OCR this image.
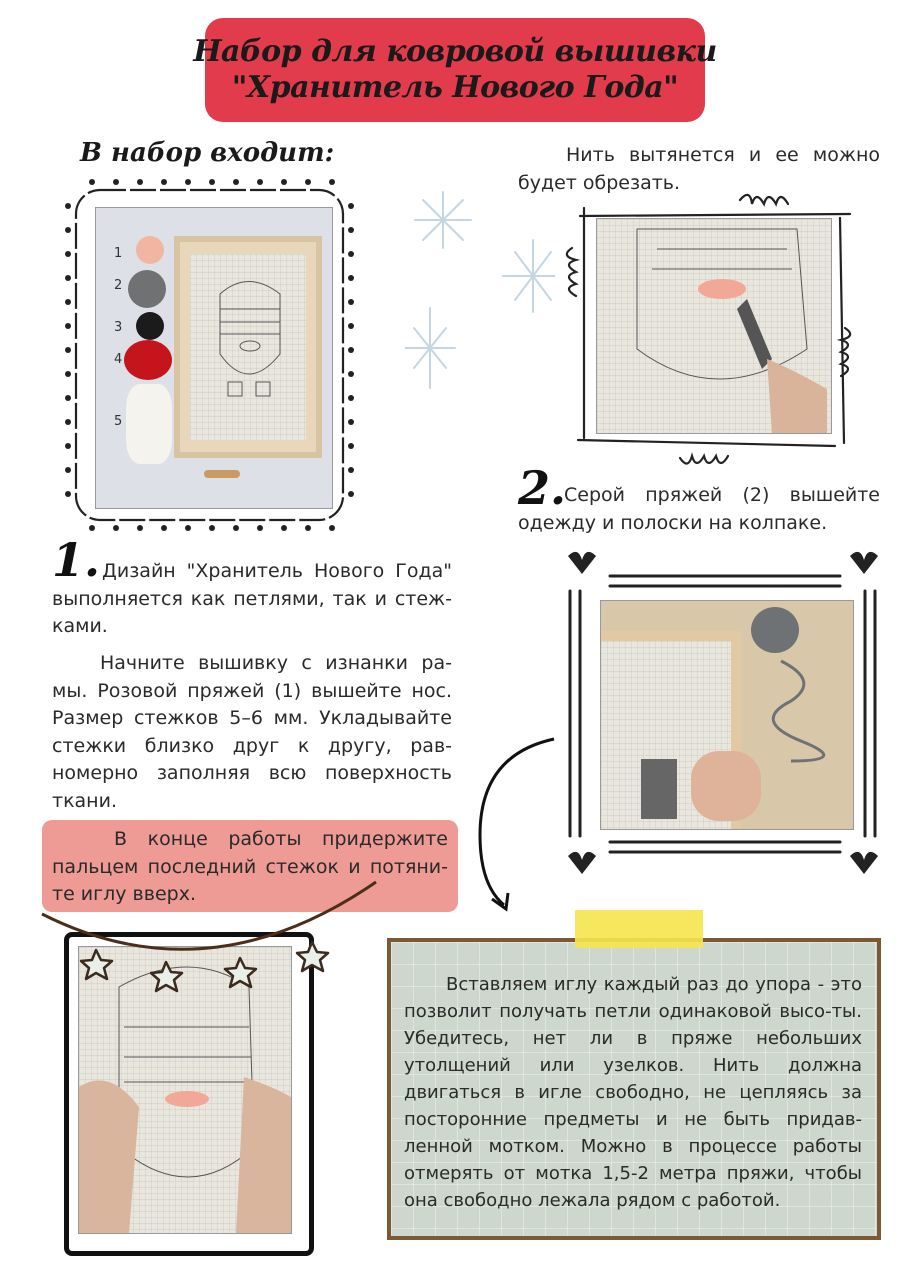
Набор для ковровой вышивки
"Хранитель Нового Года"
В набор входит:
1
2
3
4
5
Нить вытянется и ее можно будет обрезать.
2.
Серой пряжей (2) вышейте одежду и полоски на колпаке.
1. Дизайн "Хранитель Нового Года" выполняется как петлями, так и стеж-ками.
Начните вышивку с изнанки ра-мы. Розовой пряжей (1) вышейте нос. Размер стежков 5–6 мм. Укладывайте стежки близко друг к другу, рав-номерно заполняя всю поверхность ткани.
В конце работы придержите пальцем последний стежок и потяни-те иглу вверх.
Вставляем иглу каждый раз до упора - это позволит получать петли одинаковой высо-ты. Убедитесь, нет ли в пряже небольших утолщений или узелков. Нить должна двигаться в игле свободно, не цепляясь за посторонние предметы и не быть придав-ленной мотком. Можно в процессе работы отмерять от мотка 1,5-2 метра пряжи, чтобы она свободно лежала рядом с работой.
